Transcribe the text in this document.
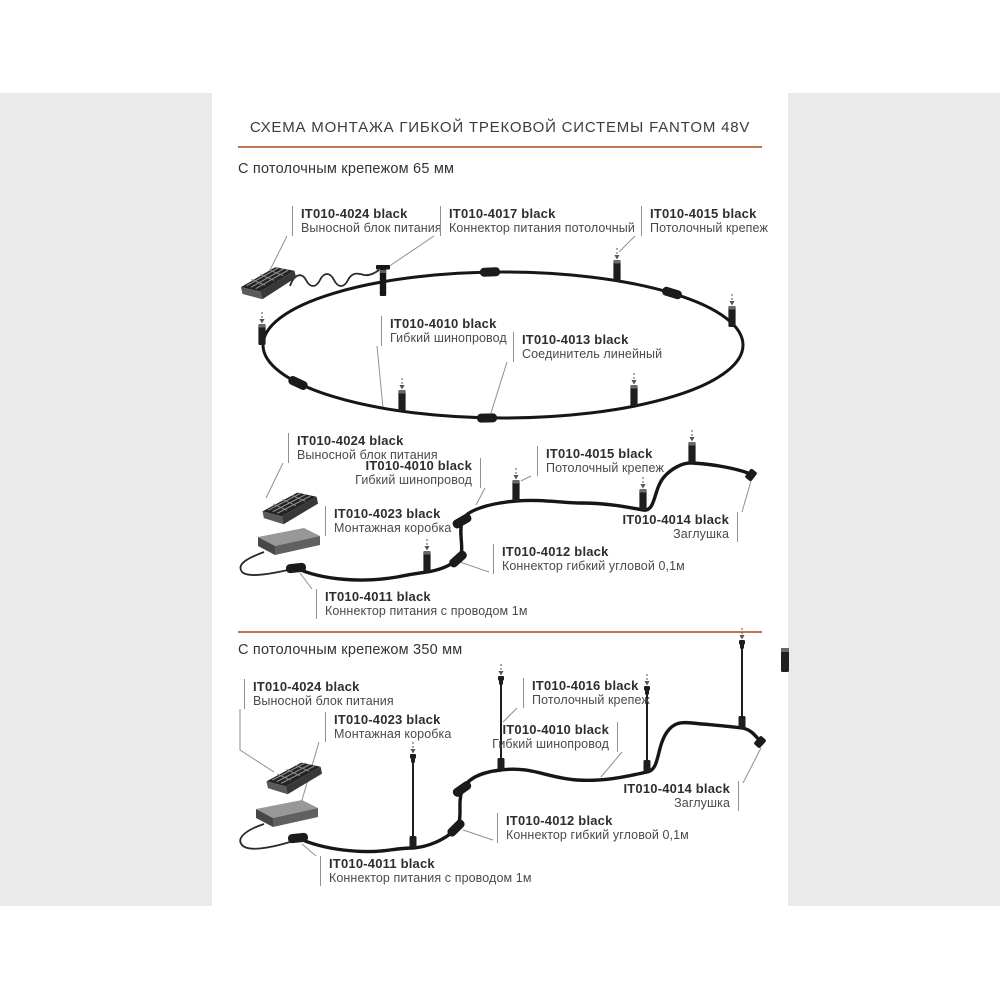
СХЕМА МОНТАЖА ГИБКОЙ ТРЕКОВОЙ СИСТЕМЫ FANTOM 48V
С потолочным крепежом 65 мм
С потолочным крепежом 350 мм
IT010-4024 black
Выносной блок питания
IT010-4017 black
Коннектор питания потолочный
IT010-4015 black
Потолочный крепеж
IT010-4010 black
Гибкий шинопровод IT010-4013 black
Соединитель линейный
IT010-4024 black
Выносной блок питания
IT010-4010 black
Гибкий шинопровод
IT010-4015 black
Потолочный крепеж
IT010-4023 black
Монтажная коробка
IT010-4014 black
Заглушка
IT010-4012 black
Коннектор гибкий угловой 0,1м
IT010-4011 black
Коннектор питания с проводом 1м
IT010-4024 black
Выносной блок питания
IT010-4023 black
Монтажная коробка
IT010-4016 black
Потолочный крепеж
IT010-4010 black
Гибкий шинопровод
IT010-4014 black
Заглушка
IT010-4012 black
Коннектор гибкий угловой 0,1м
IT010-4011 black
Коннектор питания с проводом 1м
